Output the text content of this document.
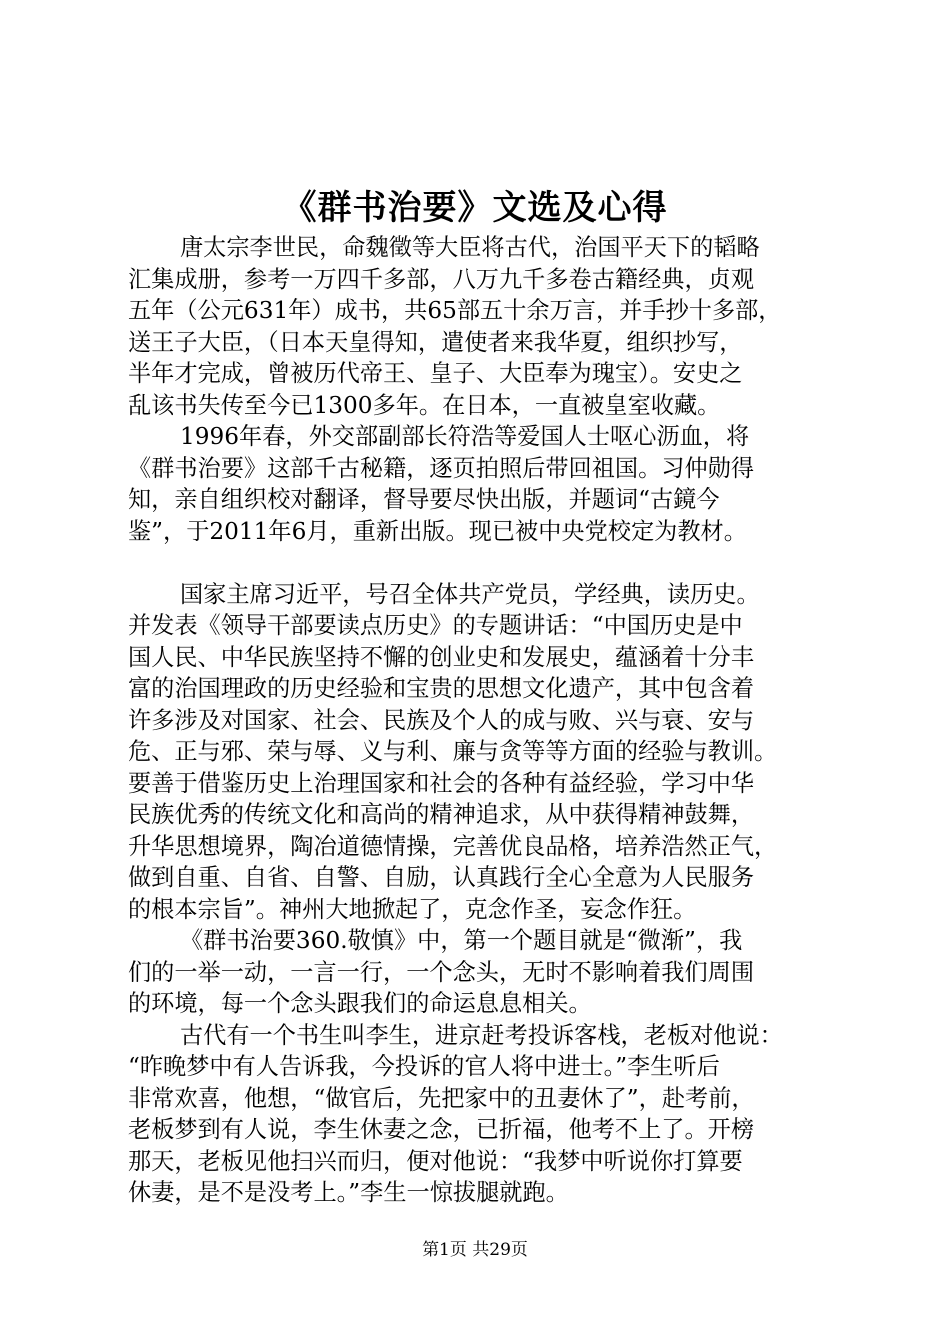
《群书治要》文选及心得
唐太宗李世民，命魏徵等大臣将古代，治国平天下的韬略
汇集成册，参考一万四千多部，八万九千多卷古籍经典，贞观
五年（公元631年）成书，共65部五十余万言，并手抄十多部，
送王子大臣，（日本天皇得知，遣使者来我华夏，组织抄写，
半年才完成，曾被历代帝王、皇子、大臣奉为瑰宝）。安史之
乱该书失传至今已1300多年。在日本，一直被皇室收藏。
1996年春，外交部副部长符浩等爱国人士呕心沥血，将
《群书治要》这部千古秘籍，逐页拍照后带回祖国。习仲勋得
知，亲自组织校对翻译，督导要尽快出版，并题词“古鏡今
鉴”，于2011年6月，重新出版。现已被中央党校定为教材。
国家主席习近平，号召全体共产党员，学经典，读历史。
并发表《领导干部要读点历史》的专题讲话：“中国历史是中
国人民、中华民族坚持不懈的创业史和发展史，蕴涵着十分丰
富的治国理政的历史经验和宝贵的思想文化遗产，其中包含着
许多涉及对国家、社会、民族及个人的成与败、兴与衰、安与
危、正与邪、荣与辱、义与利、廉与贪等等方面的经验与教训。
要善于借鉴历史上治理国家和社会的各种有益经验，学习中华
民族优秀的传统文化和高尚的精神追求，从中获得精神鼓舞，
升华思想境界，陶冶道德情操，完善优良品格，培养浩然正气，
做到自重、自省、自警、自励，认真践行全心全意为人民服务
的根本宗旨”。神州大地掀起了，克念作圣，妄念作狂。
《群书治要360.敬慎》中，第一个题目就是“微渐”，我
们的一举一动，一言一行，一个念头，无时不影响着我们周围
的环境，每一个念头跟我们的命运息息相关。
古代有一个书生叫李生，进京赶考投诉客栈，老板对他说：
“昨晚梦中有人告诉我，今投诉的官人将中进士。”李生听后
非常欢喜，他想，“做官后，先把家中的丑妻休了”，赴考前，
老板梦到有人说，李生休妻之念，已折福，他考不上了。开榜
那天，老板见他扫兴而归，便对他说：“我梦中听说你打算要
休妻，是不是没考上。”李生一惊拔腿就跑。
第1页 共29页
